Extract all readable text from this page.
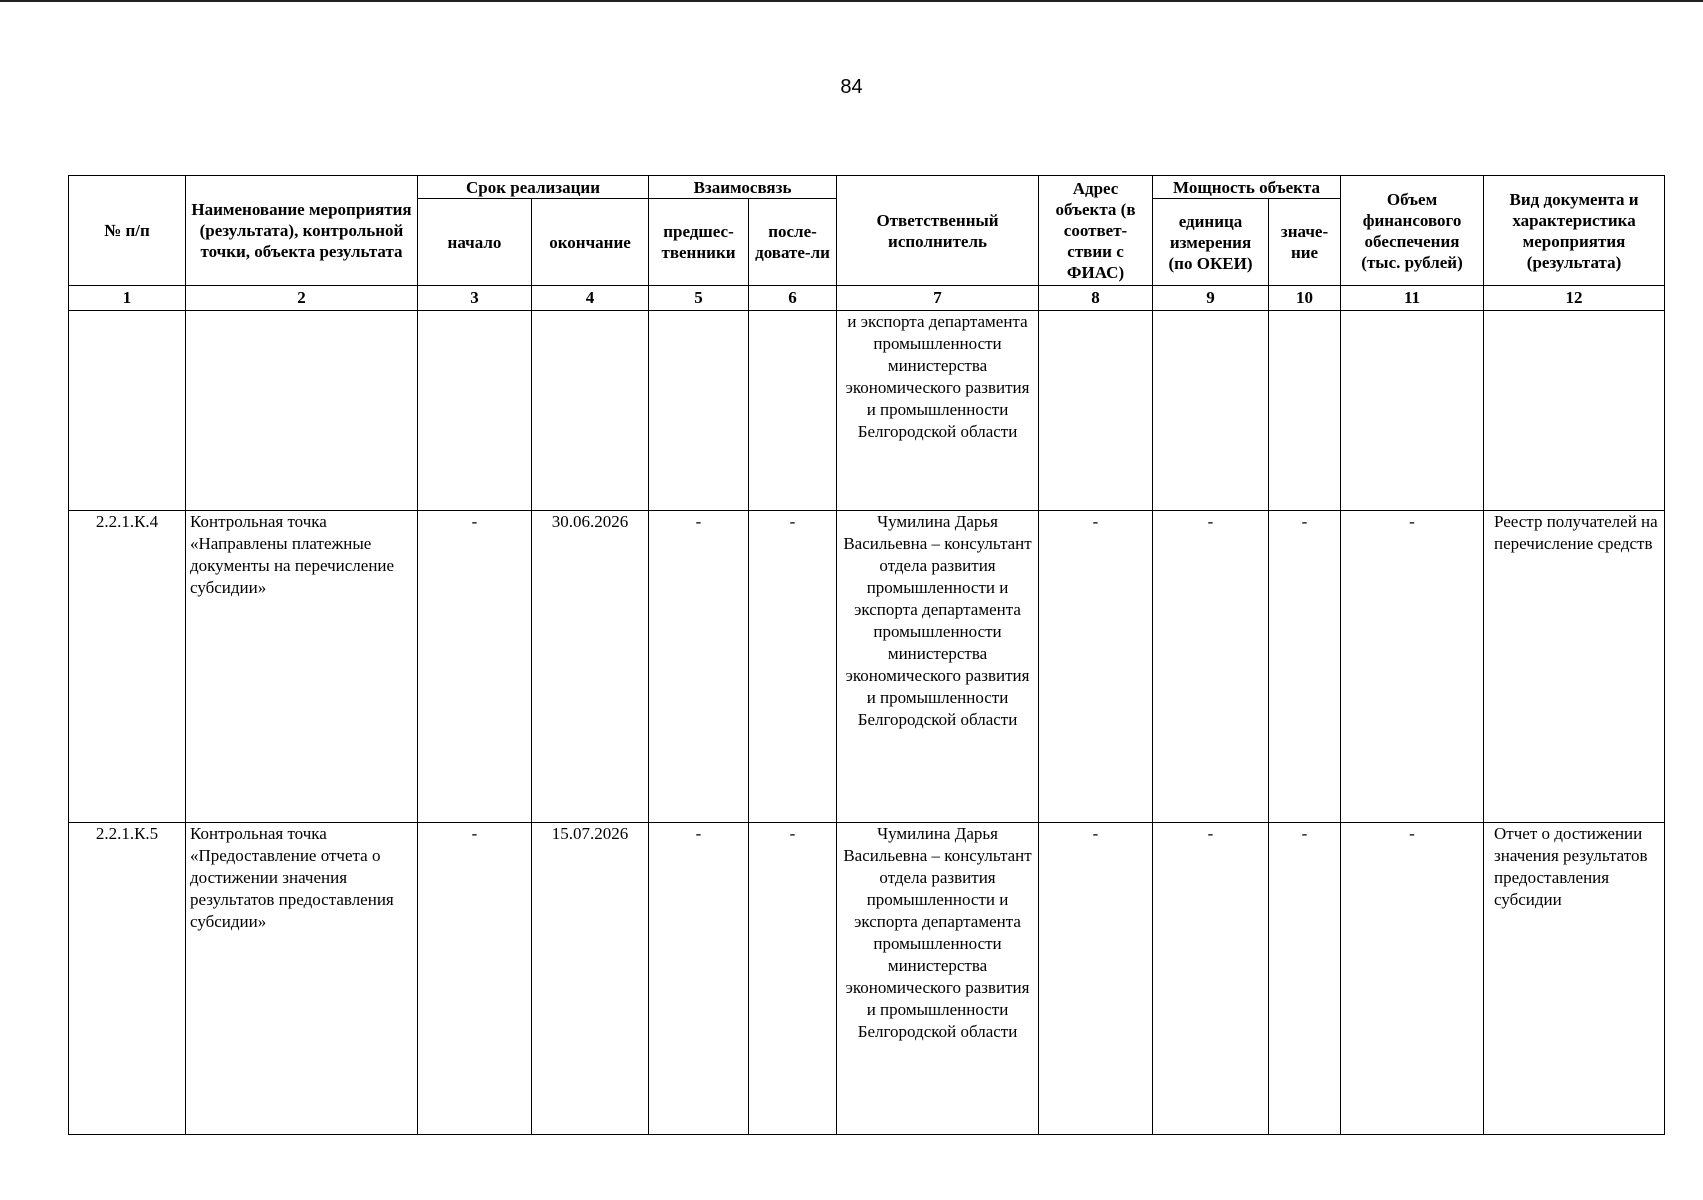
84
№ п/п	Наименование мероприятия (результата), контрольной точки, объекта результата	Срок реализации		Взаимосвязь		Ответственный исполнитель	Адрес объекта (в соответ-ствии с ФИАС)	Мощность объекта		Объем финансового обеспечения (тыс. рублей)	Вид документа и характеристика мероприятия (результата)
		начало	окончание	предшес-твенники	после-довате-ли			единица измерения (по ОКЕИ)	значе-ние		
1	2	3	4	5	6	7	8	9	10	11	12
						и экспорта департамента промышленности министерства экономического развития и промышленности Белгородской области					
2.2.1.К.4	Контрольная точка «Направлены платежные документы на перечисление субсидии»	-	30.06.2026	-	-	Чумилина Дарья Васильевна – консультант отдела развития промышленности и экспорта департамента промышленности министерства экономического развития и промышленности Белгородской области	-	-	-	-	Реестр получателей на перечисление средств
2.2.1.К.5	Контрольная точка «Предоставление отчета о достижении значения результатов предоставления субсидии»	-	15.07.2026	-	-	Чумилина Дарья Васильевна – консультант отдела развития промышленности и экспорта департамента промышленности министерства экономического развития и промышленности Белгородской области	-	-	-	-	Отчет о достижении значения результатов предоставления субсидии
